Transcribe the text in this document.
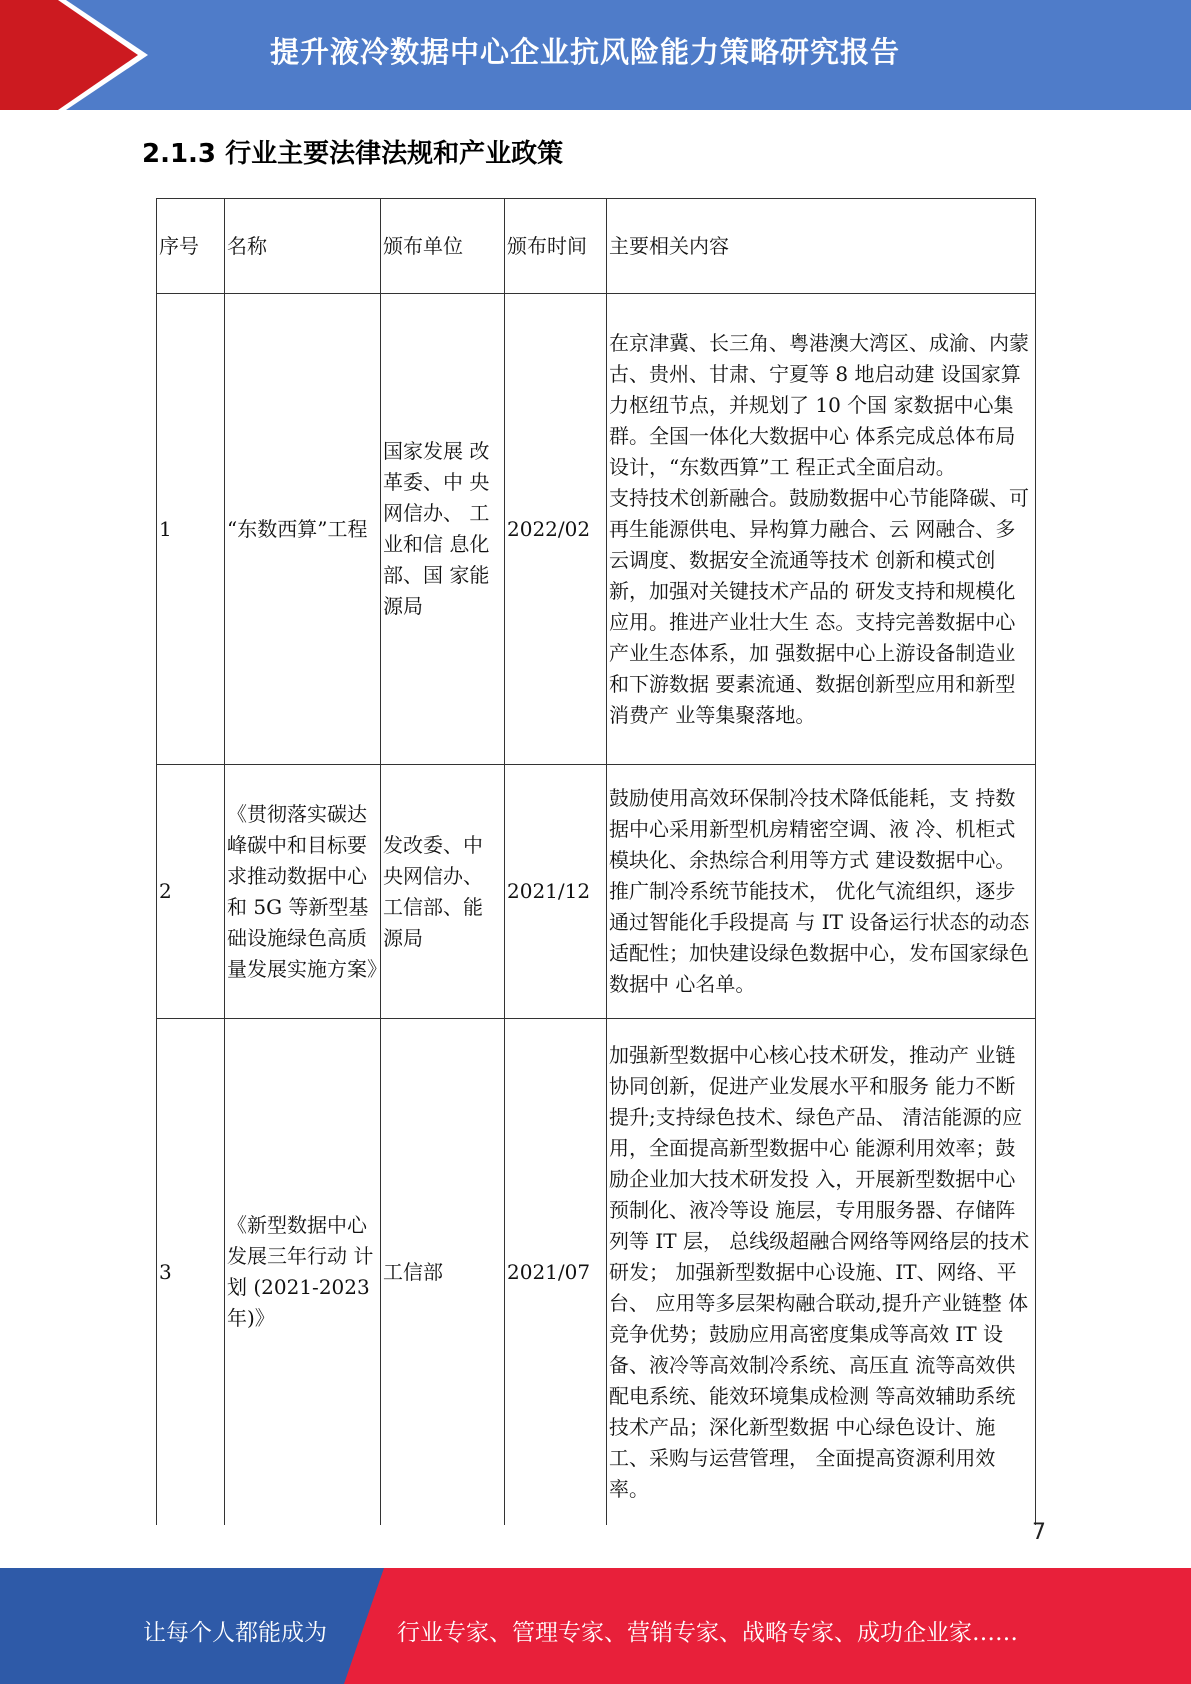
提升液冷数据中心企业抗风险能力策略研究报告
2.1.3 行业主要法律法规和产业政策
序号	名称	颁布单位	颁布时间	主要相关内容
1	“东数西算”工程	国家发展 改革委、中 央网信办、 工业和信 息化部、国 家能源局	2022/02	在京津冀、长三角、粤港澳大湾区、成渝、内蒙古、贵州、甘肃、宁夏等 8 地启动建 设国家算力枢纽节点，并规划了 10 个国 家数据中心集群。全国一体化大数据中心 体系完成总体布局设计，“东数西算”工 程正式全面启动。
支持技术创新融合。鼓励数据中心节能降碳、可再生能源供电、异构算力融合、云 网融合、多云调度、数据安全流通等技术 创新和模式创新，加强对关键技术产品的 研发支持和规模化应用。推进产业壮大生 态。支持完善数据中心产业生态体系，加 强数据中心上游设备制造业和下游数据 要素流通、数据创新型应用和新型消费产 业等集聚落地。
2	《贯彻落实碳达峰碳中和目标要求推动数据中心和 5G 等新型基础设施绿色高质量发展实施方案》	发改委、中央网信办、工信部、能源局	2021/12	鼓励使用高效环保制冷技术降低能耗，支 持数据中心采用新型机房精密空调、液 冷、机柜式模块化、余热综合利用等方式 建设数据中心。推广制冷系统节能技术， 优化气流组织，逐步通过智能化手段提高 与 IT 设备运行状态的动态适配性；加快建设绿色数据中心，发布国家绿色数据中 心名单。
3	《新型数据中心发展三年行动 计划 (2021-2023 年)》	工信部	2021/07	加强新型数据中心核心技术研发，推动产 业链协同创新，促进产业发展水平和服务 能力不断提升;支持绿色技术、绿色产品、 清洁能源的应用，全面提高新型数据中心 能源利用效率；鼓励企业加大技术研发投 入，开展新型数据中心预制化、液冷等设 施层，专用服务器、存储阵列等 IT 层， 总线级超融合网络等网络层的技术研发； 加强新型数据中心设施、IT、网络、平台、 应用等多层架构融合联动,提升产业链整 体竞争优势；鼓励应用高密度集成等高效 IT 设备、液冷等高效制冷系统、高压直 流等高效供配电系统、能效环境集成检测 等高效辅助系统技术产品；深化新型数据 中心绿色设计、施工、采购与运营管理， 全面提高资源利用效率。
7
让每个人都能成为	行业专家、管理专家、营销专家、战略专家、成功企业家……
